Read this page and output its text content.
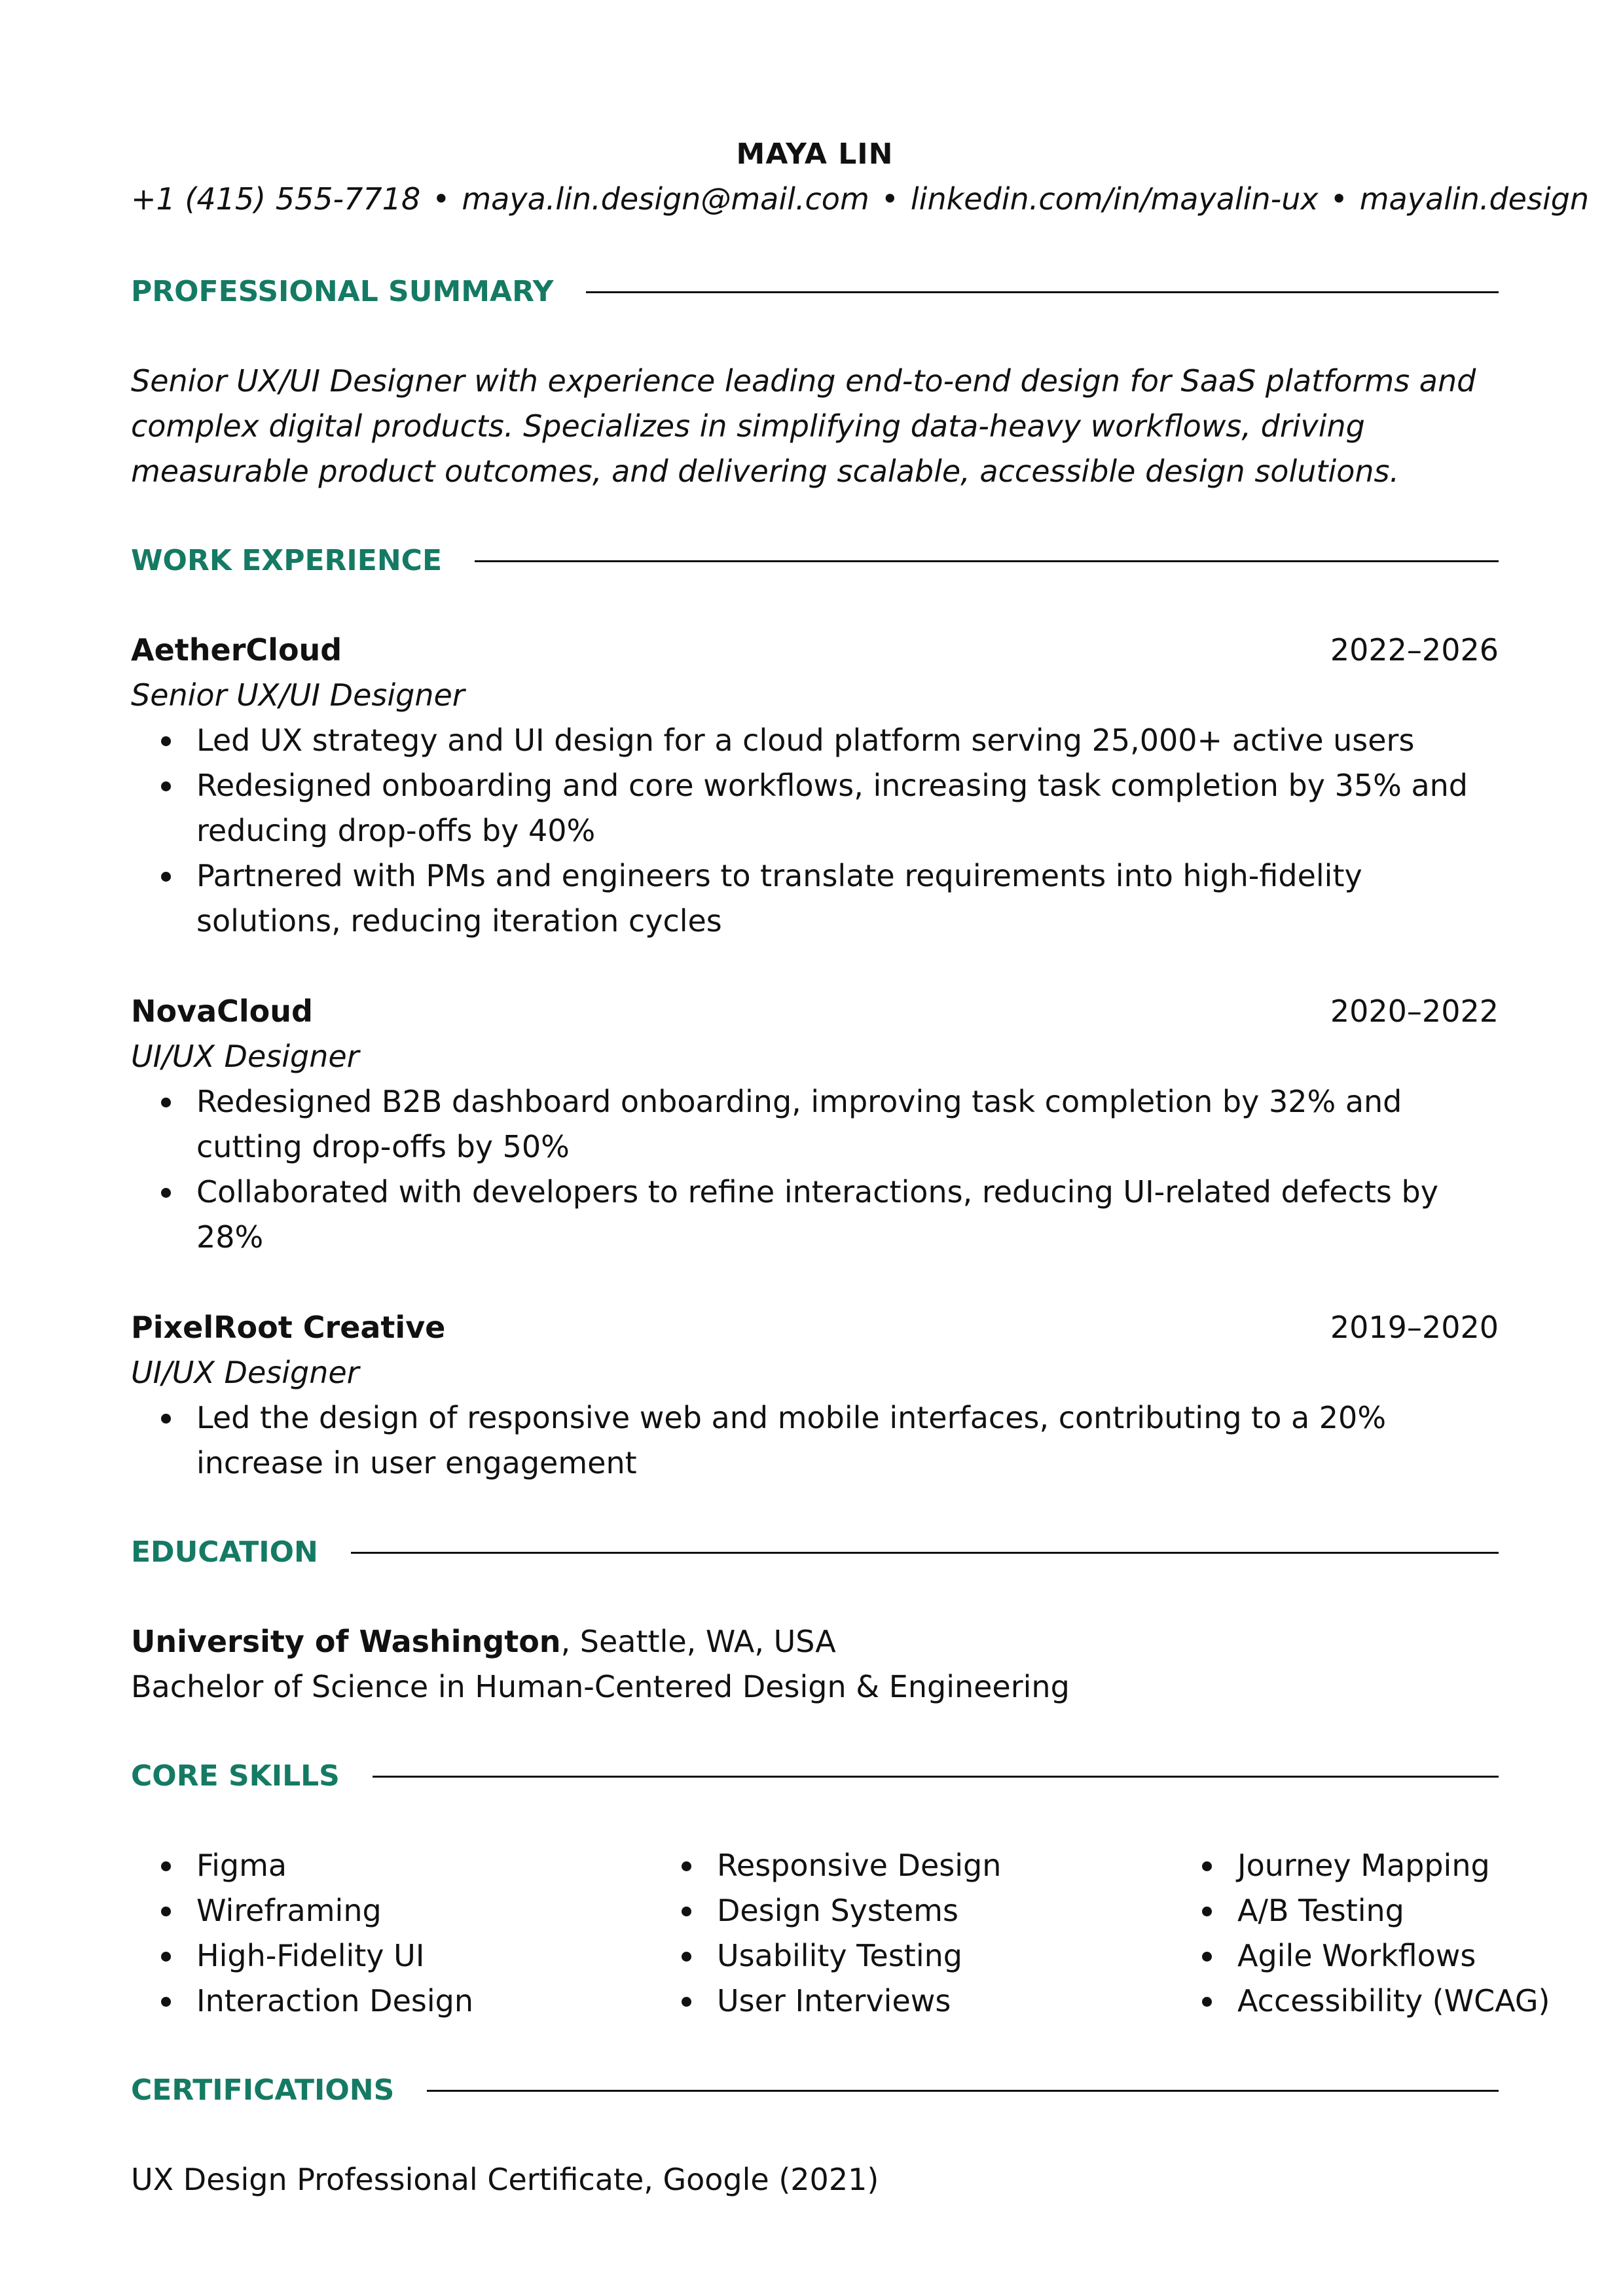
MAYA LIN
+1 (415) 555-7718 • maya.lin.design@mail.com • linkedin.com/in/mayalin-ux • mayalin.design
PROFESSIONAL SUMMARY

Senior UX/UI Designer with experience leading end-to-end design for SaaS platforms and complex digital products. Specializes in simplifying data-heavy workflows, driving measurable product outcomes, and delivering scalable, accessible design solutions.

WORK EXPERIENCE
AetherCloud	2022–2026
Senior UX/UI Designer
Led UX strategy and UI design for a cloud platform serving 25,000+ active users
Redesigned onboarding and core workflows, increasing task completion by 35% and reducing drop-offs by 40%
Partnered with PMs and engineers to translate requirements into high-fidelity solutions, reducing iteration cycles
NovaCloud	2020–2022
UI/UX Designer
Redesigned B2B dashboard onboarding, improving task completion by 32% and cutting drop-offs by 50%
Collaborated with developers to refine interactions, reducing UI-related defects by 28%
PixelRoot Creative	2019–2020
UI/UX Designer
Led the design of responsive web and mobile interfaces, contributing to a 20% increase in user engagement
EDUCATION
University of Washington, Seattle, WA, USA
Bachelor of Science in Human-Centered Design & Engineering
CORE SKILLS
Figma
Wireframing
High-Fidelity UI
Interaction Design
Responsive Design
Design Systems
Usability Testing
User Interviews
Journey Mapping
A/B Testing
Agile Workflows
Accessibility (WCAG)
CERTIFICATIONS
UX Design Professional Certificate, Google (2021)
